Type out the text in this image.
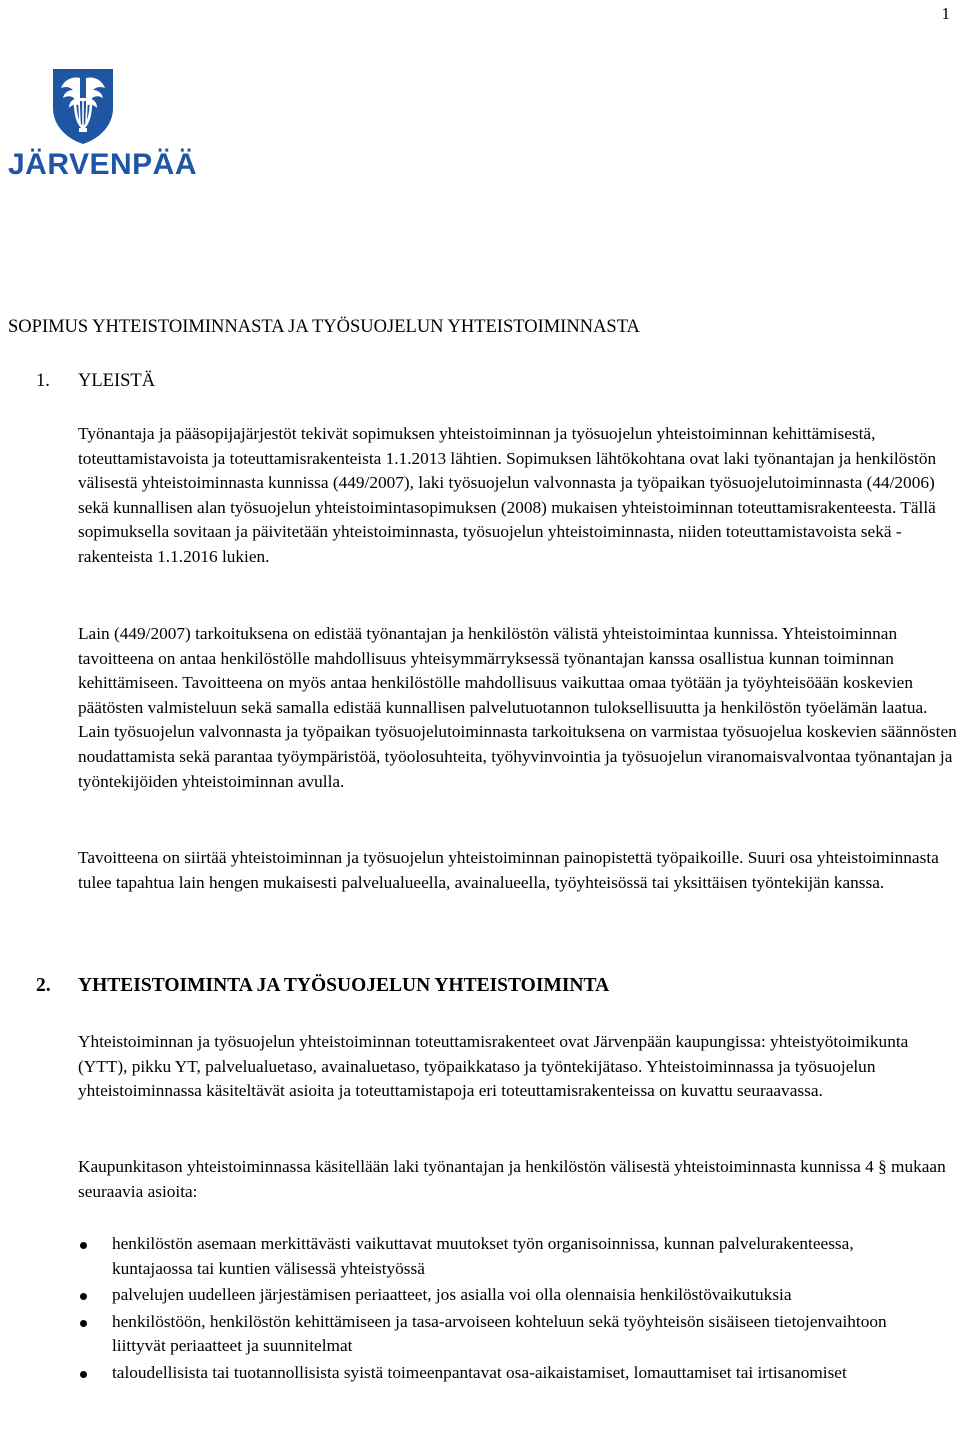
1
JÄRVENPÄÄ
SOPIMUS YHTEISTOIMINNASTA JA TYÖSUOJELUN YHTEISTOIMINNASTA
1. YLEISTÄ

Työnantaja ja pääsopijajärjestöt tekivät sopimuksen yhteistoiminnan ja työsuojelun yhteistoiminnan kehittämisestä, toteuttamistavoista ja toteuttamisrakenteista 1.1.2013 lähtien. Sopimuksen lähtökohtana ovat laki työnantajan ja henkilöstön välisestä yhteistoiminnasta kunnissa (449/2007), laki työsuojelun valvonnasta ja työpaikan työsuojelutoiminnasta (44/2006) sekä kunnallisen alan työsuojelun yhteistoimintasopimuksen (2008) mukaisen yhteistoiminnan toteuttamisrakenteesta. Tällä sopimuksella sovitaan ja päivitetään yhteistoiminnasta, työsuojelun yhteistoiminnasta, niiden toteuttamistavoista sekä -rakenteista 1.1.2016 lukien.

Lain (449/2007) tarkoituksena on edistää työnantajan ja henkilöstön välistä yhteistoimintaa kunnissa. Yhteistoiminnan tavoitteena on antaa henkilöstölle mahdollisuus yhteisymmärryksessä työnantajan kanssa osallistua kunnan toiminnan kehittämiseen. Tavoitteena on myös antaa henkilöstölle mahdollisuus vaikuttaa omaa työtään ja työyhteisöään koskevien päätösten valmisteluun sekä samalla edistää kunnallisen palvelutuotannon tuloksellisuutta ja henkilöstön työelämän laatua. Lain työsuojelun valvonnasta ja työpaikan työsuojelutoiminnasta tarkoituksena on varmistaa työsuojelua koskevien säännösten noudattamista sekä parantaa työympäristöä, työolosuhteita, työhyvinvointia ja työsuojelun viranomaisvalvontaa työnantajan ja työntekijöiden yhteistoiminnan avulla.

Tavoitteena on siirtää yhteistoiminnan ja työsuojelun yhteistoiminnan painopistettä työpaikoille. Suuri osa yhteistoiminnasta tulee tapahtua lain hengen mukaisesti palvelualueella, avainalueella, työyhteisössä tai yksittäisen työntekijän kanssa.

2. YHTEISTOIMINTA JA TYÖSUOJELUN YHTEISTOIMINTA

Yhteistoiminnan ja työsuojelun yhteistoiminnan toteuttamisrakenteet ovat Järvenpään kaupungissa: yhteistyötoimikunta (YTT), pikku YT, palvelualuetaso, avainaluetaso, työpaikkataso ja työntekijätaso. Yhteistoiminnassa ja työsuojelun yhteistoiminnassa käsiteltävät asioita ja toteuttamistapoja eri toteuttamisrakenteissa on kuvattu seuraavassa.

Kaupunkitason yhteistoiminnassa käsitellään laki työnantajan ja henkilöstön välisestä yhteistoiminnasta kunnissa 4 § mukaan seuraavia asioita:

henkilöstön asemaan merkittävästi vaikuttavat muutokset työn organisoinnissa, kunnan palvelurakenteessa, kuntajaossa tai kuntien välisessä yhteistyössä
palvelujen uudelleen järjestämisen periaatteet, jos asialla voi olla olennaisia henkilöstövaikutuksia
henkilöstöön, henkilöstön kehittämiseen ja tasa-arvoiseen kohteluun sekä työyhteisön sisäiseen tietojenvaihtoon liittyvät periaatteet ja suunnitelmat
taloudellisista tai tuotannollisista syistä toimeenpantavat osa-aikaistamiset, lomauttamiset tai irtisanomiset
